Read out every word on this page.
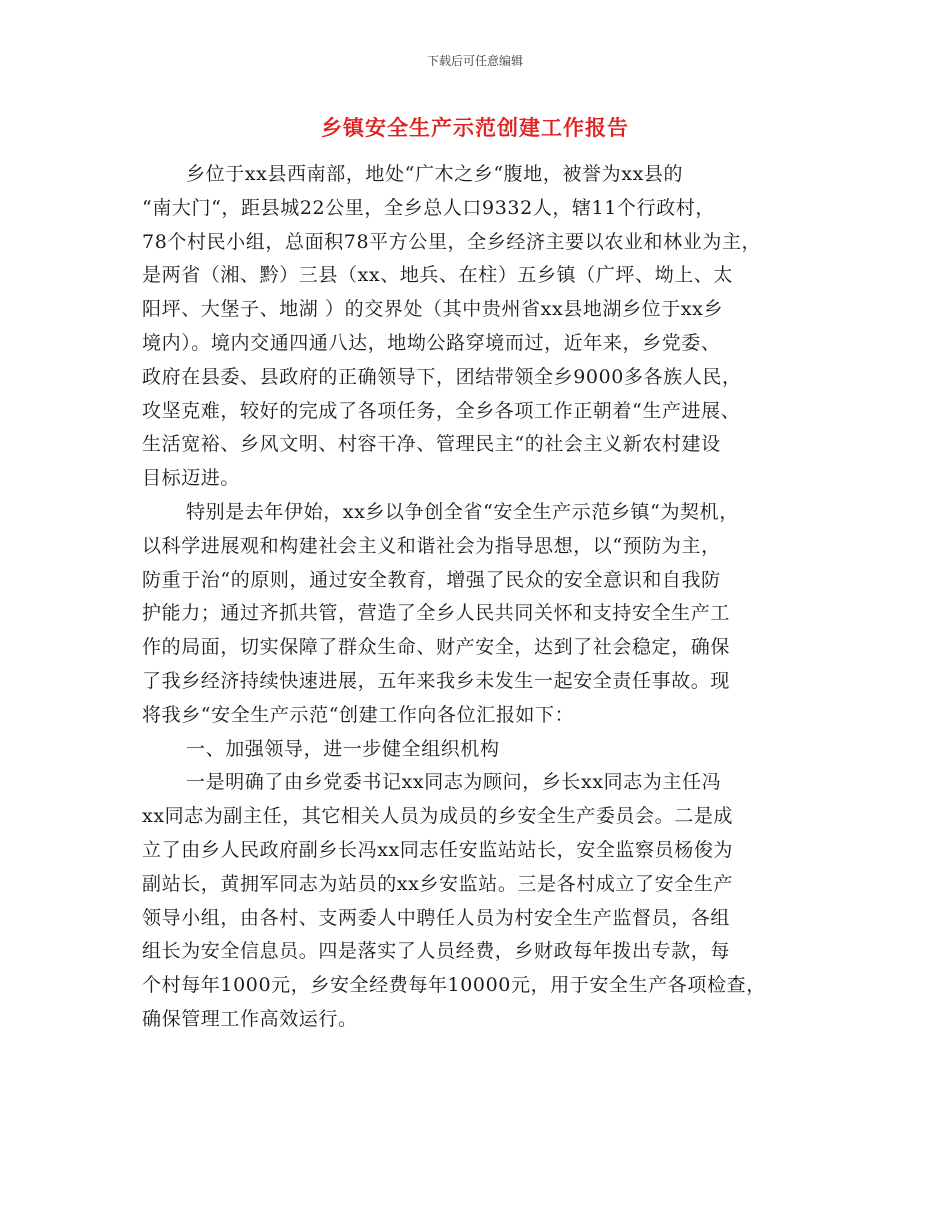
下载后可任意编辑
乡镇安全生产示范创建工作报告
乡位于xx县西南部，地处“广木之乡“腹地，被誉为xx县的
“南大门“，距县城22公里，全乡总人口9332人，辖11个行政村，
78个村民小组，总面积78平方公里，全乡经济主要以农业和林业为主，
是两省（湘、黔）三县（xx、地兵、在柱）五乡镇（广坪、坳上、太
阳坪、大堡子、地湖 ）的交界处（其中贵州省xx县地湖乡位于xx乡
境内）。境内交通四通八达，地坳公路穿境而过，近年来，乡党委、
政府在县委、县政府的正确领导下，团结带领全乡9000多各族人民，
攻坚克难，较好的完成了各项任务，全乡各项工作正朝着“生产进展、
生活宽裕、乡风文明、村容干净、管理民主“的社会主义新农村建设
目标迈进。
特别是去年伊始，xx乡以争创全省“安全生产示范乡镇“为契机，
以科学进展观和构建社会主义和谐社会为指导思想，以“预防为主，
防重于治“的原则，通过安全教育，增强了民众的安全意识和自我防
护能力；通过齐抓共管，营造了全乡人民共同关怀和支持安全生产工
作的局面，切实保障了群众生命、财产安全，达到了社会稳定，确保
了我乡经济持续快速进展，五年来我乡未发生一起安全责任事故。现
将我乡“安全生产示范“创建工作向各位汇报如下：
一、加强领导，进一步健全组织机构
一是明确了由乡党委书记xx同志为顾问，乡长xx同志为主任冯
xx同志为副主任，其它相关人员为成员的乡安全生产委员会。二是成
立了由乡人民政府副乡长冯xx同志任安监站站长，安全监察员杨俊为
副站长，黄拥军同志为站员的xx乡安监站。三是各村成立了安全生产
领导小组，由各村、支两委人中聘任人员为村安全生产监督员，各组
组长为安全信息员。四是落实了人员经费，乡财政每年拨出专款，每
个村每年1000元，乡安全经费每年10000元，用于安全生产各项检查，
确保管理工作高效运行。
